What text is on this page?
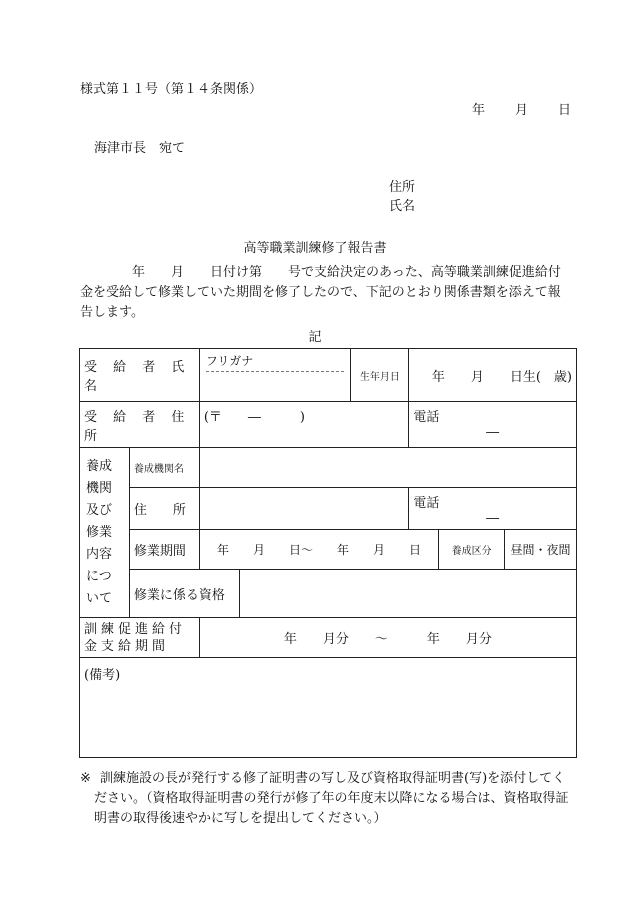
様式第１１号（第１４条関係）
年 月 日
海津市長　宛て
住所
氏名
高等職業訓練修了報告書
　　　　年　　月　　日付け第　　号で支給決定のあった、高等職業訓練促進給付金を受給して修業していた期間を修了したので、下記のとおり関係書類を添えて報告します。
記
受 給 者 氏 名		フリガナ		生年月日	年　　月　　日生(　歳)		
受 給 者 住 所		(〒　　―　　　)			電話
―		

養成機関及び修業内容について	養成機関名						
	住　　所				電話
―		

	修業期間	年　　月　　日～　　年　　月　　日				養成区分	昼間・夜間
	修業に係る資格						
訓練促進給付金支給期間		年　　月分　　～　　　年　　月分					
(備考)							
※ 訓練施設の長が発行する修了証明書の写し及び資格取得証明書(写)を添付してください。（資格取得証明書の発行が修了年の年度末以降になる場合は、資格取得証明書の取得後速やかに写しを提出してください。）
